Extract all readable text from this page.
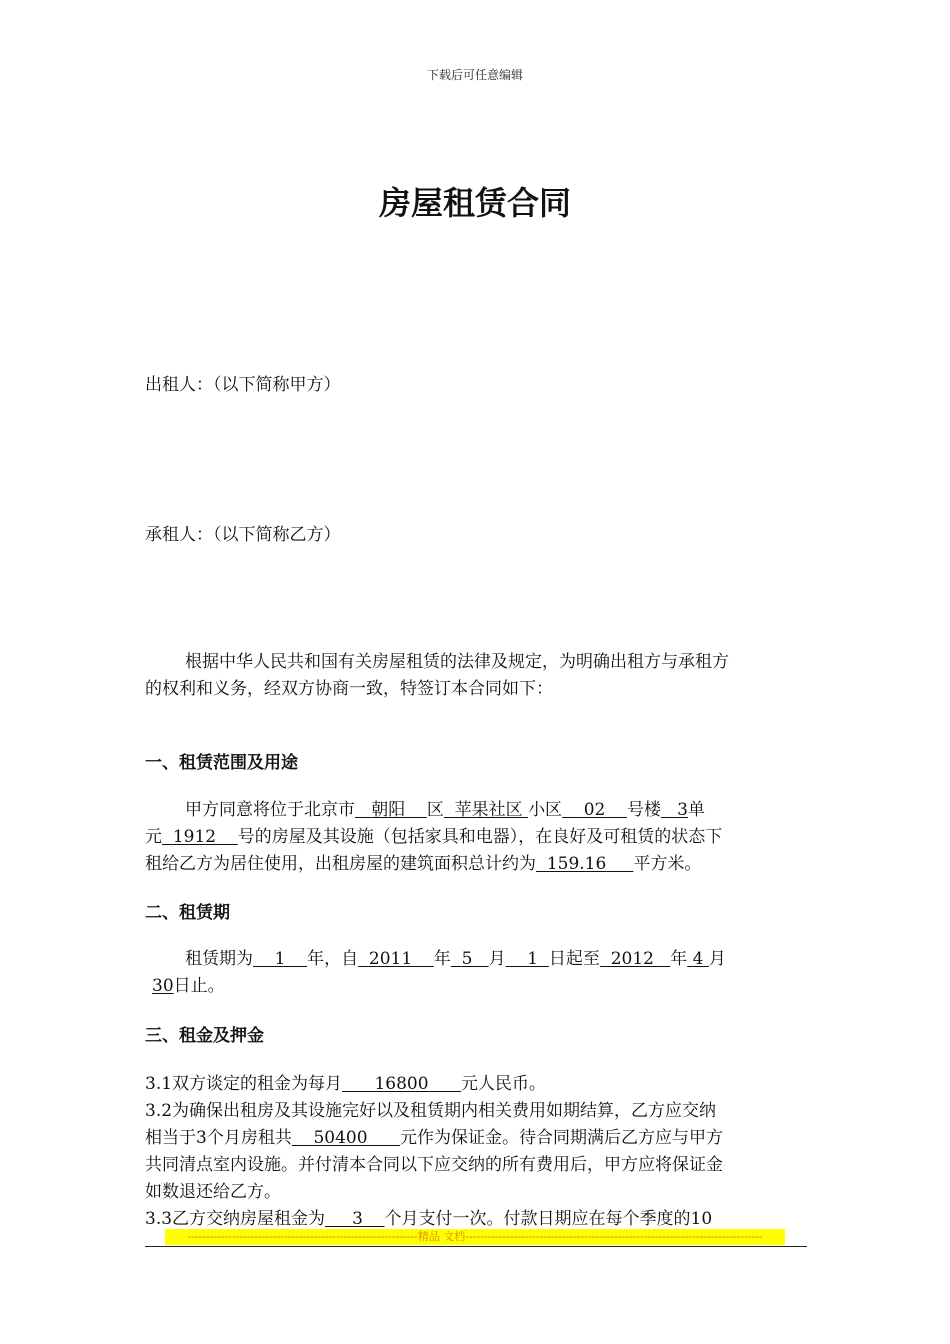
下载后可任意编辑
房屋租赁合同
出租人：（以下简称甲方）
承租人：（以下简称乙方）
根据中华人民共和国有关房屋租赁的法律及规定，为明确出租方与承租方
的权利和义务，经双方协商一致，特签订本合同如下：
一、租赁范围及用途
甲方同意将位于北京市 朝阳 区 苹果社区 小区 02 号楼 3单
元 1912 号的房屋及其设施（包括家具和电器），在良好及可租赁的状态下
租给乙方为居住使用，出租房屋的建筑面积总计约为 159.16 平方米。
二、租赁期
租赁期为 1 年，自 2011 年 5 月 1 日起至 2012 年 4 月
30日止。
三、租金及押金
3.1双方谈定的租金为每月 16800 元人民币。
3.2为确保出租房及其设施完好以及租赁期内相关费用如期结算，乙方应交纳
相当于3个月房租共 50400 元作为保证金。待合同期满后乙方应与甲方
共同清点室内设施。并付清本合同以下应交纳的所有费用后，甲方应将保证金
如数退还给乙方。
3.3乙方交纳房屋租金为 3 个月支付一次。付款日期应在每个季度的10
--------------------------------------------------------------精品 文档--------------------------------------------------------------------------------
